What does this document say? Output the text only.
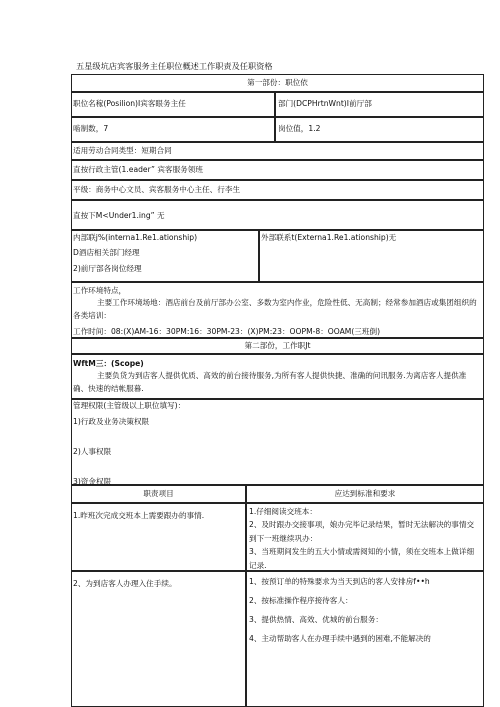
五星级坑店宾客服务主任职位概述工作职责及任职资格
第一部份：职位依
职位名稼(Posilion)I宾客眼务主任	部门(DCPHrtnWnt)I前厅部
啮制数，7	岗位值，1.2
适用劳动合同类型：短期合同
直按行政主管(1.eader” 宾客服务领班
平级：商务中心文员、宾客服务中心主任、行李生
直按下M<Under1.ing” 无
内部联j%(interna1.Re1.ationship)
D酒店相关部门经理
2)前厅部各岗位经理
外部联系t(Externa1.Re1.ationship)无
工作环境特点，
主要工作环境场地：酒店前台及前厅部办公室、多数为室内作业，危险性低、无高制；经常参加酒店或集团组织的各类培训：
工作时间：08:(X)AM-16：30PM:16：30PM-23：(X)PM:23：OOPM-8：OOAM(三班倒)
第二部份，工作职Jt
WftM三：(Scope)
主要负货为到店客人提供优质、高效的前台接待服务,为所有客人提供快捷、准确的问讯服务.为离店客人提供准确、快速的结帐服暮.
管理权限(主管级以上职位填写)：
1)行政及业务决策权限
2)人事权限
3)资金权限
职责项目	应达到标准和要求
1.昨班次完成交班本上需要跟办的事情.	1.仔细阅读交班本：
2、及时跟办交接事项，娘办完毕记录结果，暂时无法解决的事情交到下一班继续巩办：
3、当班期间发生的五大小情或需阅知的小情，须在交班本上做详细记录.
2、为到店客人办理入住手续。	1、按预订单的特殊要求为当天到店的客人安排房f••h
2、按标准操作程序接待客人：
3、提供热情、高效、优城的前台服务：
4、主动帮助客人在办理手续中遇到的困难,不能解决的
